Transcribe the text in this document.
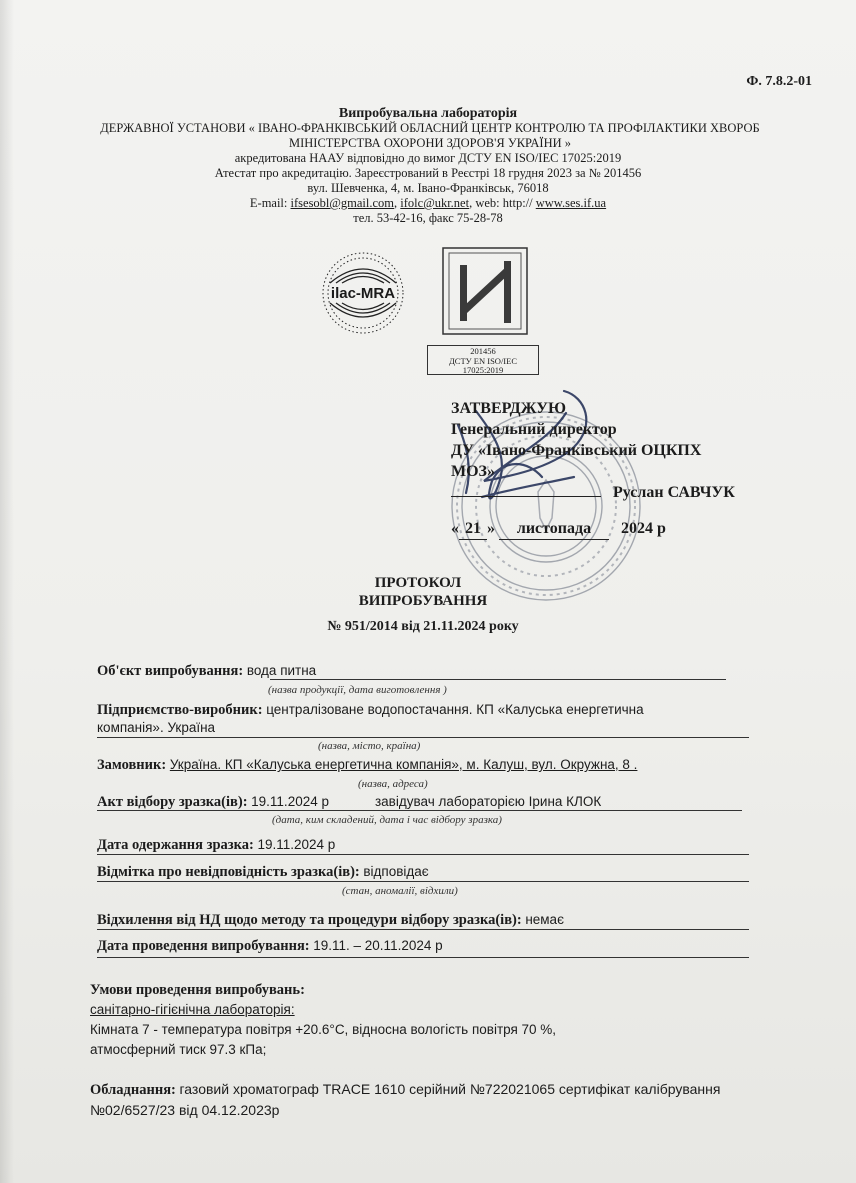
Ф. 7.8.2-01
Випробувальна лабораторія
ДЕРЖАВНОЇ УСТАНОВИ « ІВАНО-ФРАНКІВСЬКИЙ ОБЛАСНИЙ ЦЕНТР КОНТРОЛЮ ТА ПРОФІЛАКТИКИ ХВОРОБ МІНІСТЕРСТВА ОХОРОНИ ЗДОРОВ'Я УКРАЇНИ »
акредитована НААУ відповідно до вимог ДСТУ EN ISO/IEC 17025:2019
Атестат про акредитацію. Зареєстрований в Реєстрі 18 грудня 2023 за № 201456
вул. Шевченка, 4, м. Івано-Франківськ, 76018
E-mail: ifsesobl@gmail.com, ifolc@ukr.net, web: http:// www.ses.if.ua
тел. 53-42-16, факс 75-28-78
ilac-MRA
201456
ДСТУ EN ISO/IEC
17025:2019
ЗАТВЕРДЖУЮ
Генеральний директор
ДУ «Івано-Франківський ОЦКПХ
МОЗ»
Руслан САВЧУК
« 21 » листопада 2024 р
ПРОТОКОЛ
ВИПРОБУВАННЯ
№ 951/2014 від 21.11.2024 року
Об'єкт випробування: вода питна
(назва продукції, дата виготовлення )
Підприємство-виробник: централізоване водопостачання. КП «Калуська енергетична
компанія». Україна
(назва, місто, країна)
Замовник: Україна. КП «Калуська енергетична компанія», м. Калуш, вул. Окружна, 8 .
(назва, адреса)
Акт відбору зразка(ів): 19.11.2024 р	завідувач лабораторією Ірина КЛОК
(дата, ким складений, дата і час відбору зразка)
Дата одержання зразка: 19.11.2024 р
Відмітка про невідповідність зразка(ів): відповідає
(стан, аномалії, відхили)
Відхилення від НД щодо методу та процедури відбору зразка(ів): немає
Дата проведення випробування: 19.11. – 20.11.2024 р
Умови проведення випробувань:
санітарно-гігієнічна лабораторія:
Кімната 7 - температура повітря +20.6°С, відносна вологість повітря 70 %,
атмосферний тиск 97.3 кПа;
Обладнання: газовий хроматограф TRACE 1610 серійний №722021065 сертифікат калібрування №02/6527/23 від 04.12.2023р
